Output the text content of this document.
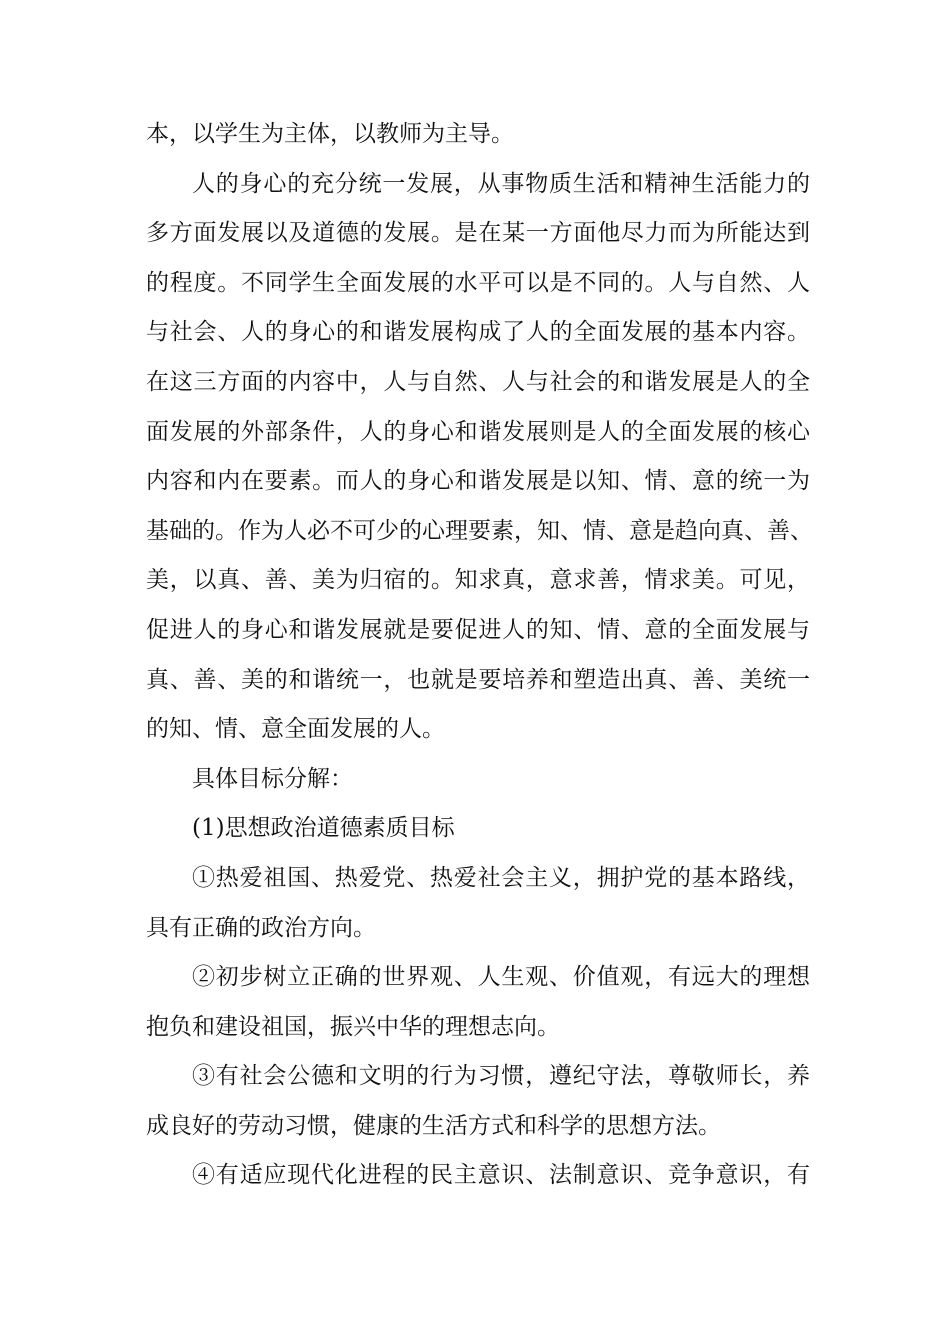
本，以学生为主体，以教师为主导。
人的身心的充分统一发展，从事物质生活和精神生活能力的
多方面发展以及道德的发展。是在某一方面他尽力而为所能达到
的程度。不同学生全面发展的水平可以是不同的。人与自然、人
与社会、人的身心的和谐发展构成了人的全面发展的基本内容。
在这三方面的内容中，人与自然、人与社会的和谐发展是人的全
面发展的外部条件，人的身心和谐发展则是人的全面发展的核心
内容和内在要素。而人的身心和谐发展是以知、情、意的统一为
基础的。作为人必不可少的心理要素，知、情、意是趋向真、善、
美，以真、善、美为归宿的。知求真，意求善，情求美。可见，
促进人的身心和谐发展就是要促进人的知、情、意的全面发展与
真、善、美的和谐统一，也就是要培养和塑造出真、善、美统一
的知、情、意全面发展的人。
具体目标分解：
(1)思想政治道德素质目标
①热爱祖国、热爱党、热爱社会主义，拥护党的基本路线，
具有正确的政治方向。
②初步树立正确的世界观、人生观、价值观，有远大的理想
抱负和建设祖国，振兴中华的理想志向。
③有社会公德和文明的行为习惯，遵纪守法，尊敬师长，养
成良好的劳动习惯，健康的生活方式和科学的思想方法。
④有适应现代化进程的民主意识、法制意识、竞争意识，有
